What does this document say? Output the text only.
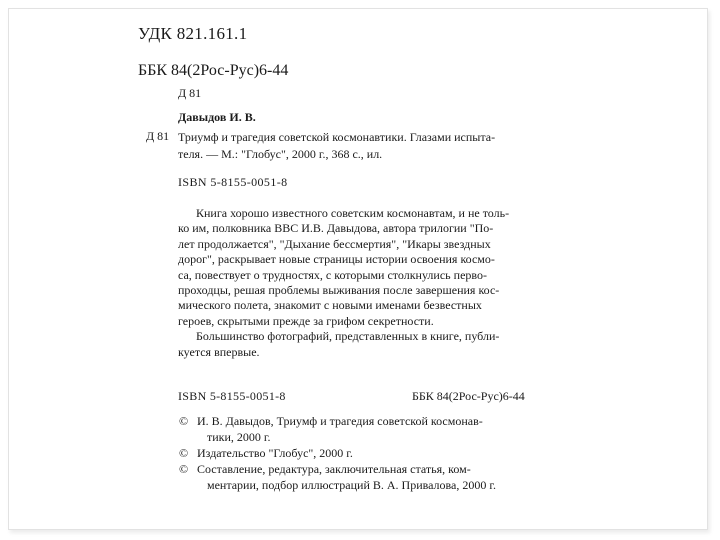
УДК 821.161.1
ББК 84(2Рос-Рус)6-44
Д 81
Давыдов И. В.
Д 81 Триумф и трагедия советской космонавтики. Глазами испыта-
теля. — М.: "Глобус", 2000 г., 368 с., ил.
ISBN 5-8155-0051-8
Книга хорошо известного советским космонавтам, и не толь-
ко им, полковника ВВС И.В. Давыдова, автора трилогии "По-
лет продолжается", "Дыхание бессмертия", "Икары звездных
дорог", раскрывает новые страницы истории освоения космо-
са, повествует о трудностях, с которыми столкнулись перво-
проходцы, решая проблемы выживания после завершения кос-
мического полета, знакомит с новыми именами безвестных
героев, скрытыми прежде за грифом секретности.
Большинство фотографий, представленных в книге, публи-
куется впервые.
ISBN 5-8155-0051-8	ББК 84(2Рос-Рус)6-44
© И. В. Давыдов, Триумф и трагедия советской космонав-
тики, 2000 г.
© Издательство "Глобус", 2000 г.
© Составление, редактура, заключительная статья, ком-
ментарии, подбор иллюстраций В. А. Привалова, 2000 г.
